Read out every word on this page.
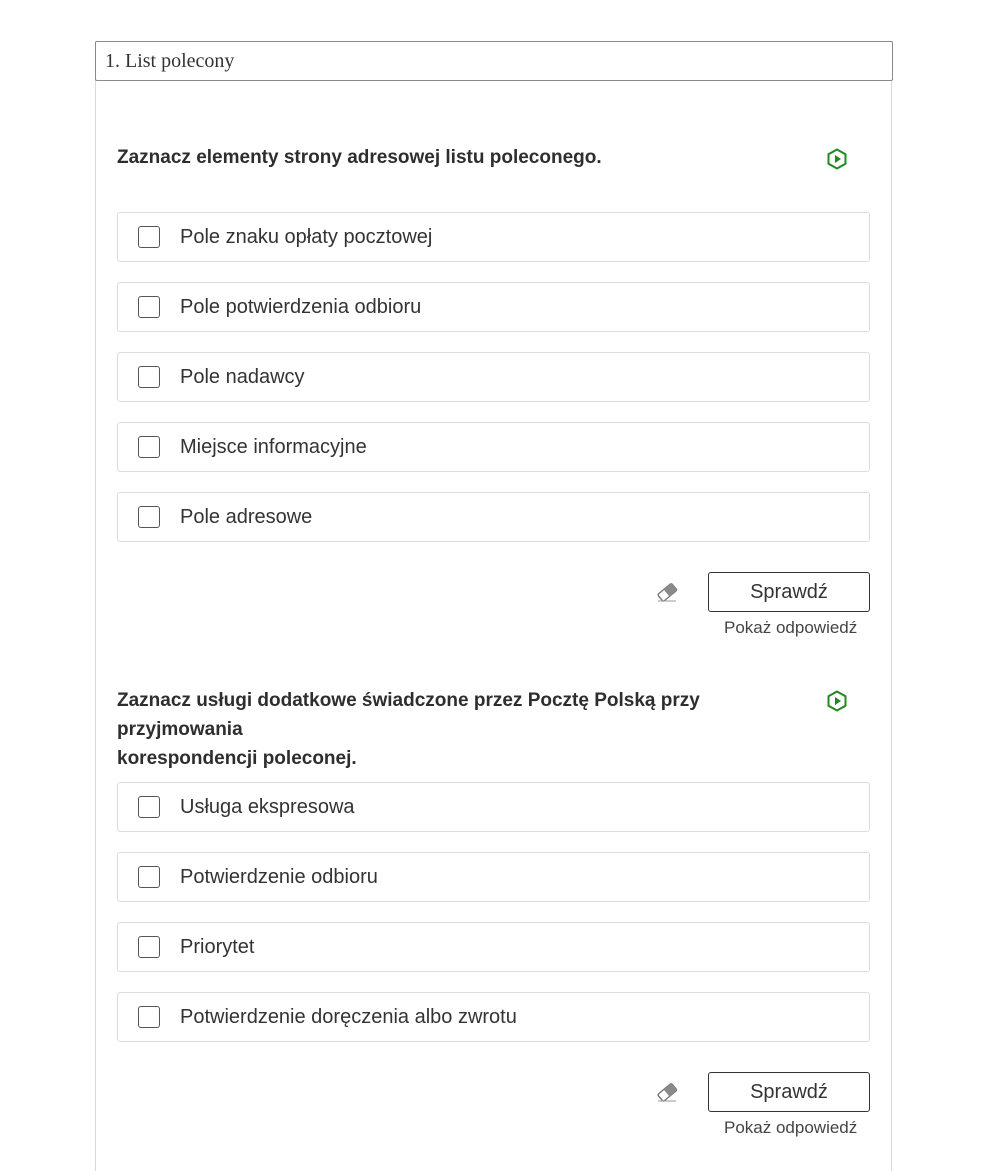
1. List polecony
Zaznacz elementy strony adresowej listu poleconego.
Pole znaku opłaty pocztowej
Pole potwierdzenia odbioru
Pole nadawcy
Miejsce informacyjne
Pole adresowe
Sprawdź
Pokaż odpowiedź
Zaznacz usługi dodatkowe świadczone przez Pocztę Polską przy przyjmowania
korespondencji poleconej.
Usługa ekspresowa
Potwierdzenie odbioru
Priorytet
Potwierdzenie doręczenia albo zwrotu
Sprawdź
Pokaż odpowiedź
